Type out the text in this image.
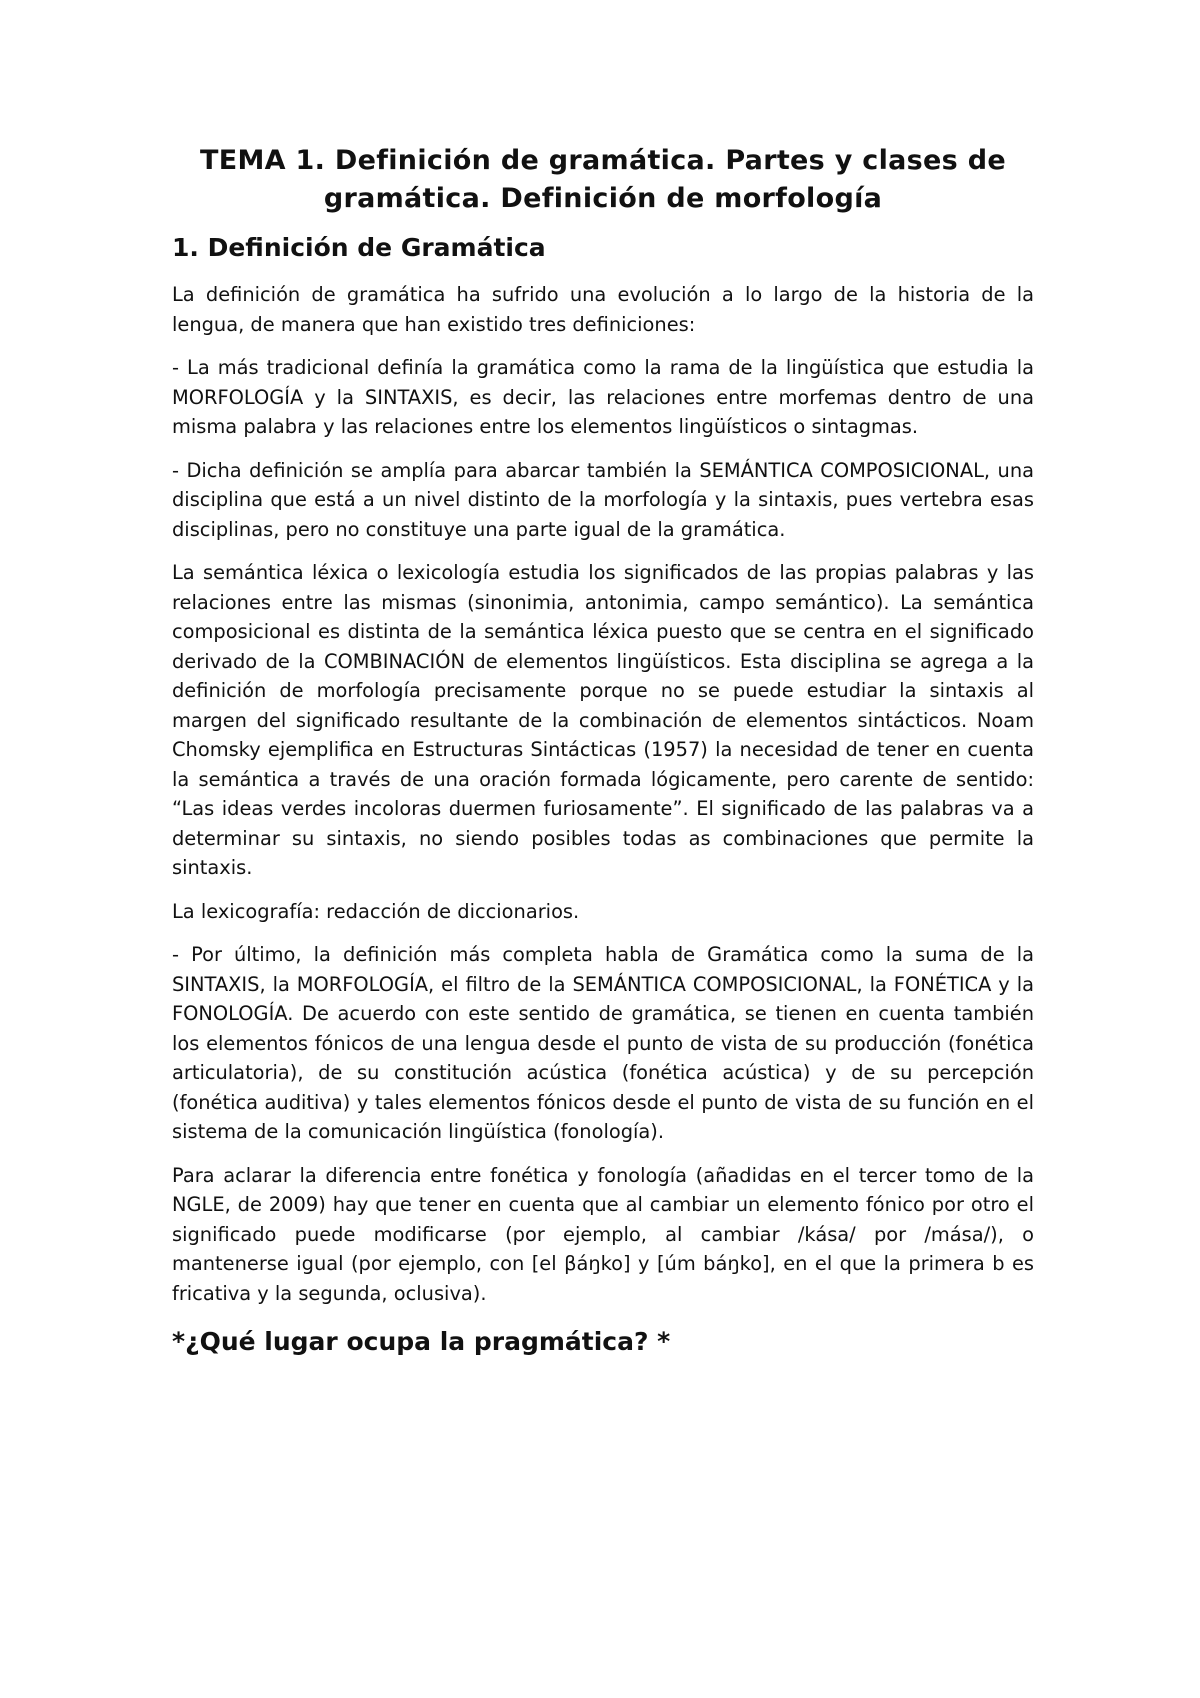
TEMA 1. Definición de gramática. Partes y clases de gramática. Definición de morfología
1. Definición de Gramática

La definición de gramática ha sufrido una evolución a lo largo de la historia de la lengua, de manera que han existido tres definiciones:

- La más tradicional definía la gramática como la rama de la lingüística que estudia la MORFOLOGÍA y la SINTAXIS, es decir, las relaciones entre morfemas dentro de una misma palabra y las relaciones entre los elementos lingüísticos o sintagmas.

- Dicha definición se amplía para abarcar también la SEMÁNTICA COMPOSICIONAL, una disciplina que está a un nivel distinto de la morfología y la sintaxis, pues vertebra esas disciplinas, pero no constituye una parte igual de la gramática.

La semántica léxica o lexicología estudia los significados de las propias palabras y las relaciones entre las mismas (sinonimia, antonimia, campo semántico). La semántica composicional es distinta de la semántica léxica puesto que se centra en el significado derivado de la COMBINACIÓN de elementos lingüísticos. Esta disciplina se agrega a la definición de morfología precisamente porque no se puede estudiar la sintaxis al margen del significado resultante de la combinación de elementos sintácticos. Noam Chomsky ejemplifica en Estructuras Sintácticas (1957) la necesidad de tener en cuenta la semántica a través de una oración formada lógicamente, pero carente de sentido: “Las ideas verdes incoloras duermen furiosamente”. El significado de las palabras va a determinar su sintaxis, no siendo posibles todas as combinaciones que permite la sintaxis.

La lexicografía: redacción de diccionarios.

- Por último, la definición más completa habla de Gramática como la suma de la SINTAXIS, la MORFOLOGÍA, el filtro de la SEMÁNTICA COMPOSICIONAL, la FONÉTICA y la FONOLOGÍA. De acuerdo con este sentido de gramática, se tienen en cuenta también los elementos fónicos de una lengua desde el punto de vista de su producción (fonética articulatoria), de su constitución acústica (fonética acústica) y de su percepción (fonética auditiva) y tales elementos fónicos desde el punto de vista de su función en el sistema de la comunicación lingüística (fonología).

Para aclarar la diferencia entre fonética y fonología (añadidas en el tercer tomo de la NGLE, de 2009) hay que tener en cuenta que al cambiar un elemento fónico por otro el significado puede modificarse (por ejemplo, al cambiar /kása/ por /mása/), o mantenerse igual (por ejemplo, con [el βáŋko] y [úm báŋko], en el que la primera b es fricativa y la segunda, oclusiva).

*¿Qué lugar ocupa la pragmática? *
